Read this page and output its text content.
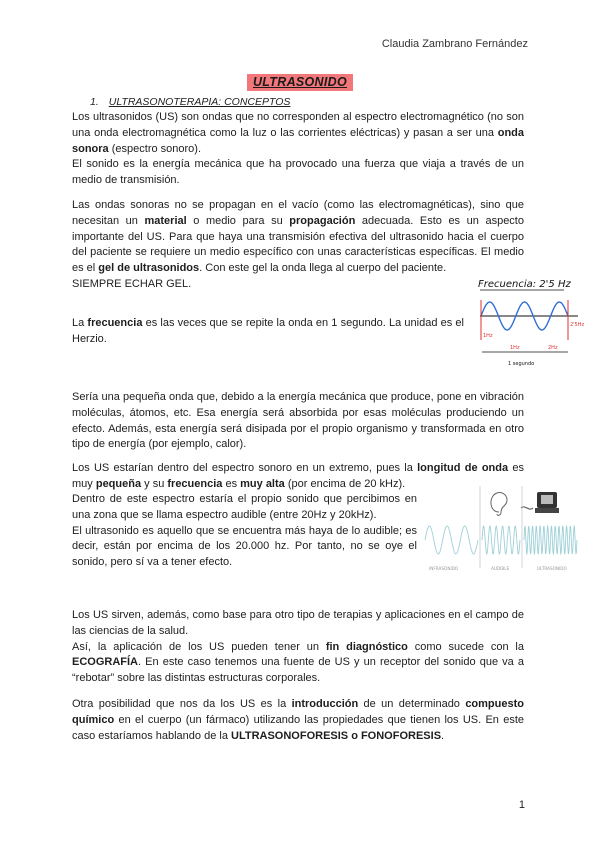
Claudia Zambrano Fernández
ULTRASONIDO
1. ULTRASONOTERAPIA: CONCEPTOS

Los ultrasonidos (US) son ondas que no corresponden al espectro electromagnético (no son una onda electromagnética como la luz o las corrientes eléctricas) y pasan a ser una onda sonora (espectro sonoro).
El sonido es la energía mecánica que ha provocado una fuerza que viaja a través de un medio de transmisión.

Las ondas sonoras no se propagan en el vacío (como las electromagnéticas), sino que necesitan un material o medio para su propagación adecuada. Esto es un aspecto importante del US. Para que haya una transmisión efectiva del ultrasonido hacia el cuerpo del paciente se requiere un medio específico con unas características específicas. El medio es el gel de ultrasonidos. Con este gel la onda llega al cuerpo del paciente.
SIEMPRE ECHAR GEL.

La frecuencia es las veces que se repite la onda en 1 segundo. La unidad es el Herzio.

Frecuencia: 2'5 Hz
1Hz
2'5Hz
1Hz	2Hz
1 segundo

Sería una pequeña onda que, debido a la energía mecánica que produce, pone en vibración moléculas, átomos, etc. Esa energía será absorbida por esas moléculas produciendo un efecto. Además, esta energía será disipada por el propio organismo y transformada en otro tipo de energía (por ejemplo, calor).

Los US estarían dentro del espectro sonoro en un extremo, pues la longitud de onda es muy pequeña y su frecuencia es muy alta (por encima de 20 kHz).

Dentro de este espectro estaría el propio sonido que percibimos en una zona que se llama espectro audible (entre 20Hz y 20kHz).
El ultrasonido es aquello que se encuentra más haya de lo audible; es decir, están por encima de los 20.000 hz. Por tanto, no se oye el sonido, pero sí va a tener efecto.

INFRASONIDO	AUDIBLE	ULTRASONIDO

Los US sirven, además, como base para otro tipo de terapias y aplicaciones en el campo de las ciencias de la salud.
Así, la aplicación de los US pueden tener un fin diagnóstico como sucede con la ECOGRAFÍA. En este caso tenemos una fuente de US y un receptor del sonido que va a “rebotar” sobre las distintas estructuras corporales.

Otra posibilidad que nos da los US es la introducción de un determinado compuesto químico en el cuerpo (un fármaco) utilizando las propiedades que tienen los US. En este caso estaríamos hablando de la ULTRASONOFORESIS o FONOFORESIS.

1
